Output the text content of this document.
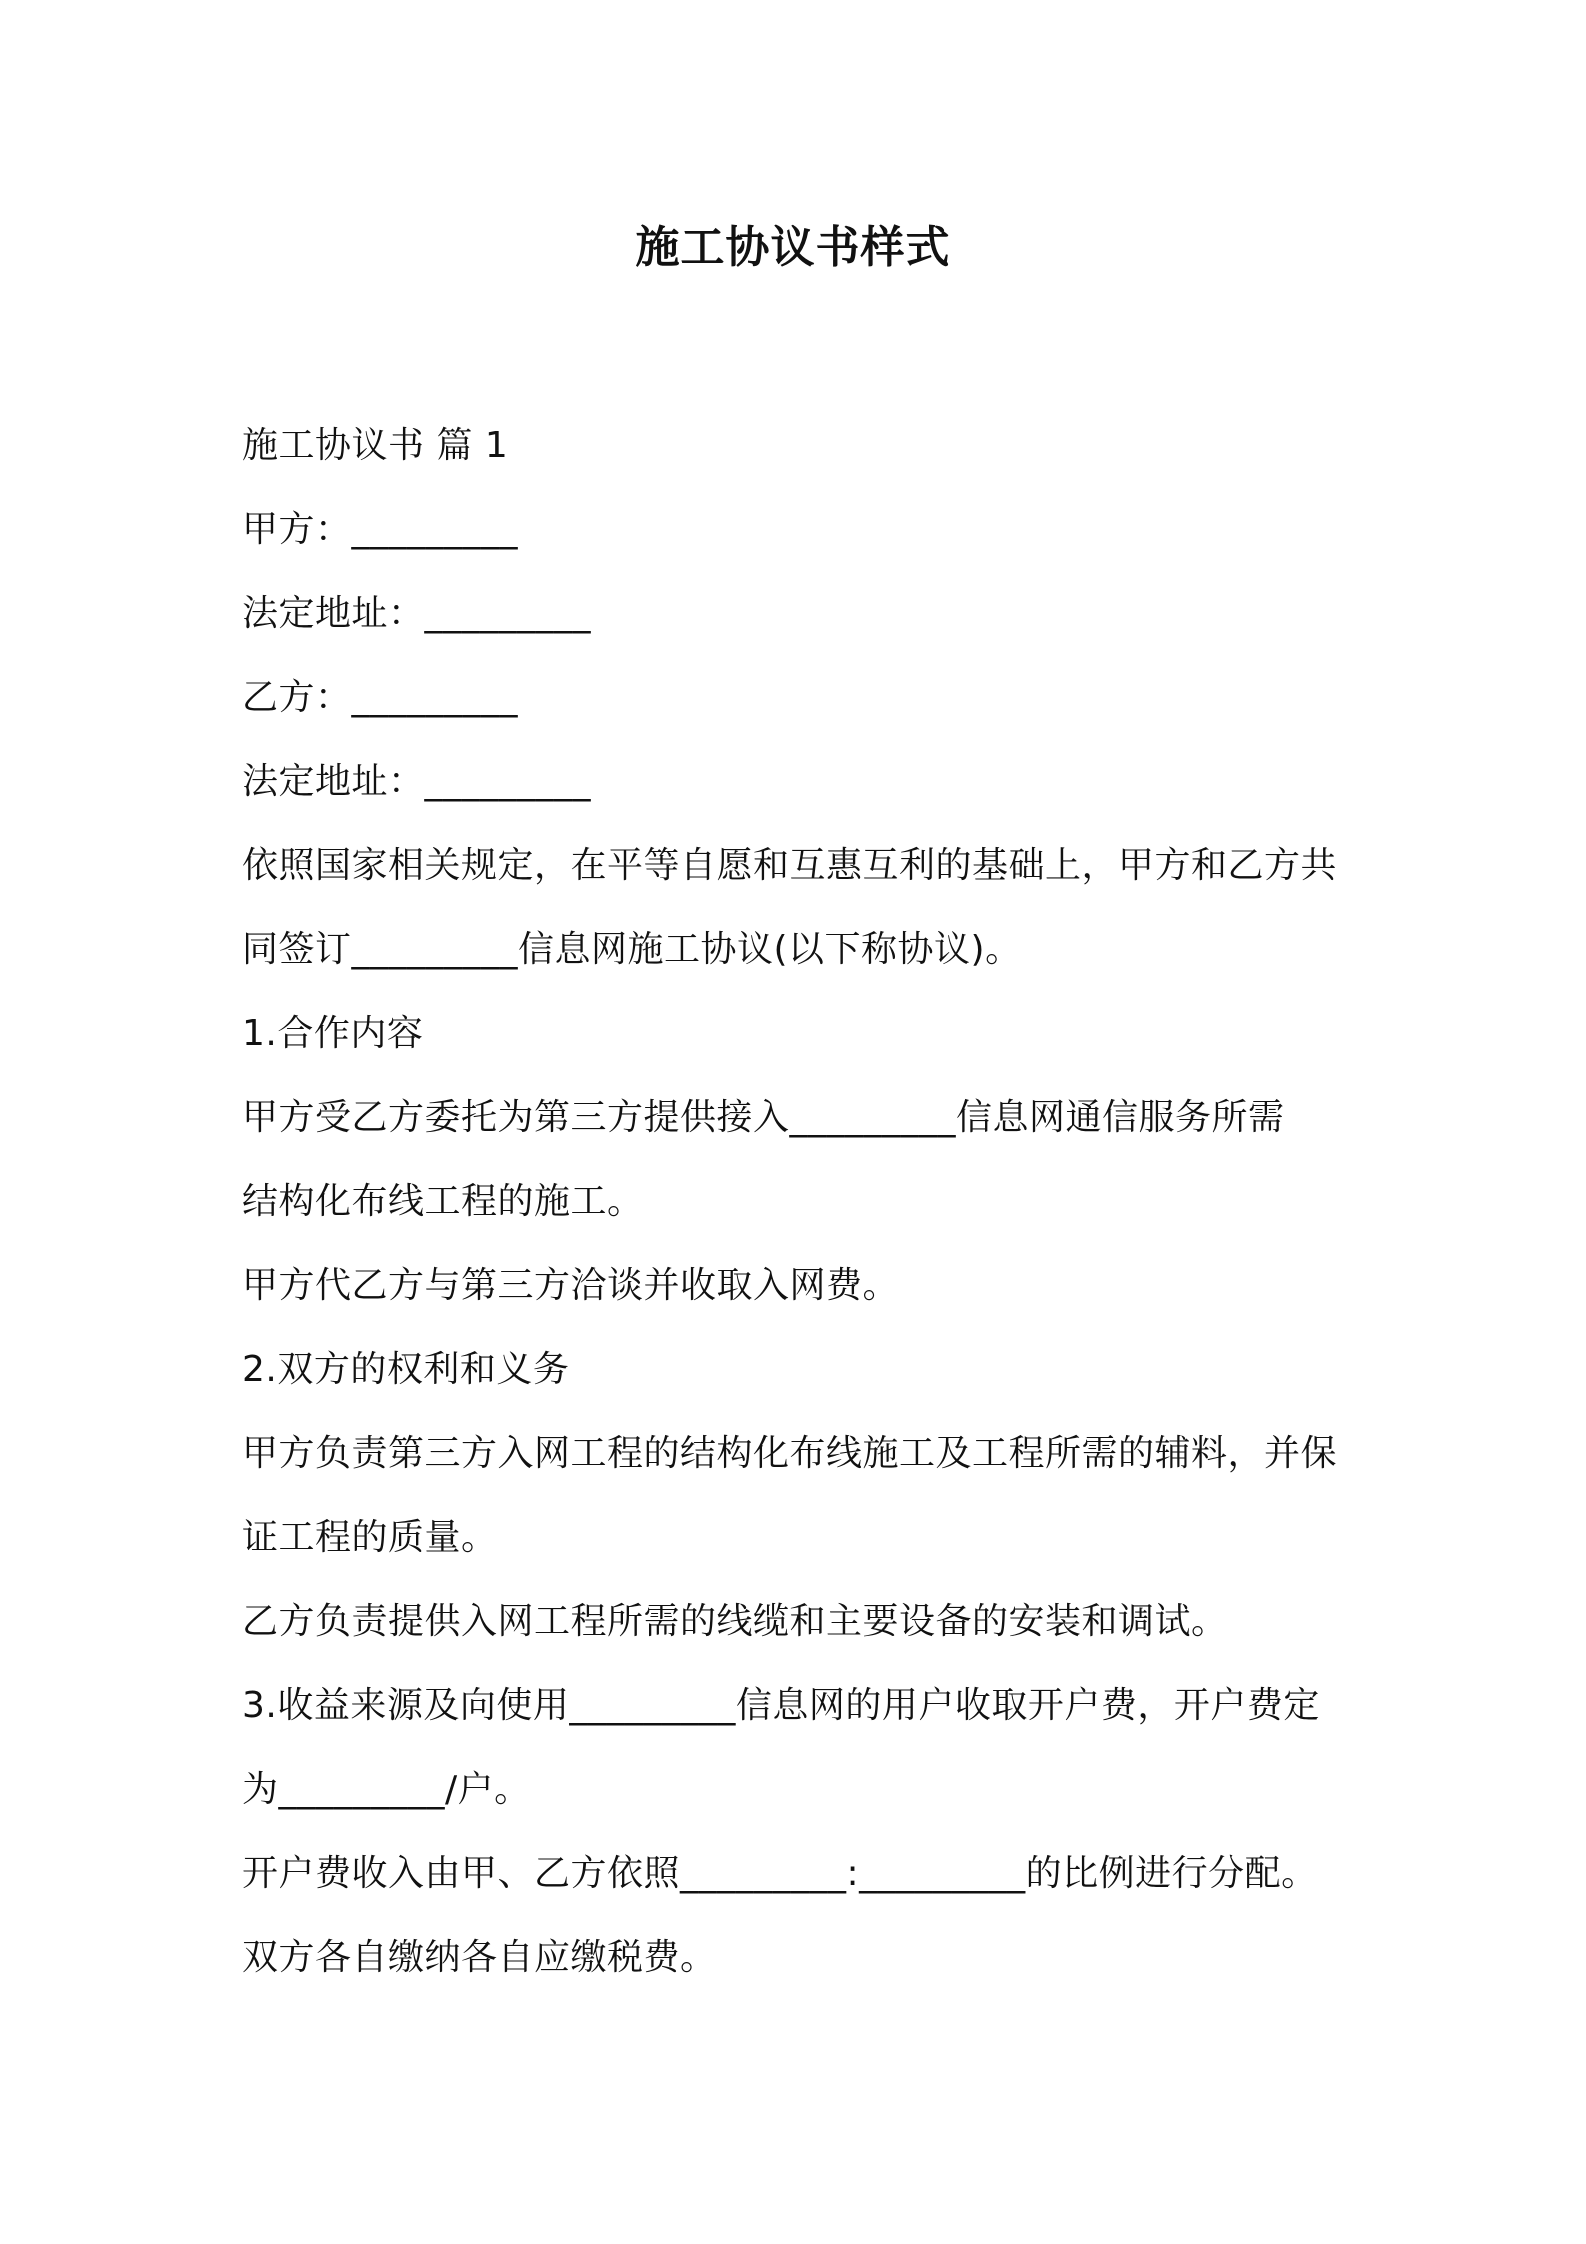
施工协议书样式
施工协议书 篇 1
甲方：_________
法定地址：_________
乙方：_________
法定地址：_________
依照国家相关规定，在平等自愿和互惠互利的基础上，甲方和乙方共
同签订_________信息网施工协议(以下称协议)。
1.合作内容
甲方受乙方委托为第三方提供接入_________信息网通信服务所需
结构化布线工程的施工。
甲方代乙方与第三方洽谈并收取入网费。
2.双方的权利和义务
甲方负责第三方入网工程的结构化布线施工及工程所需的辅料，并保
证工程的质量。
乙方负责提供入网工程所需的线缆和主要设备的安装和调试。
3.收益来源及向使用_________信息网的用户收取开户费，开户费定
为_________/户。
开户费收入由甲、乙方依照_________:_________的比例进行分配。
双方各自缴纳各自应缴税费。
